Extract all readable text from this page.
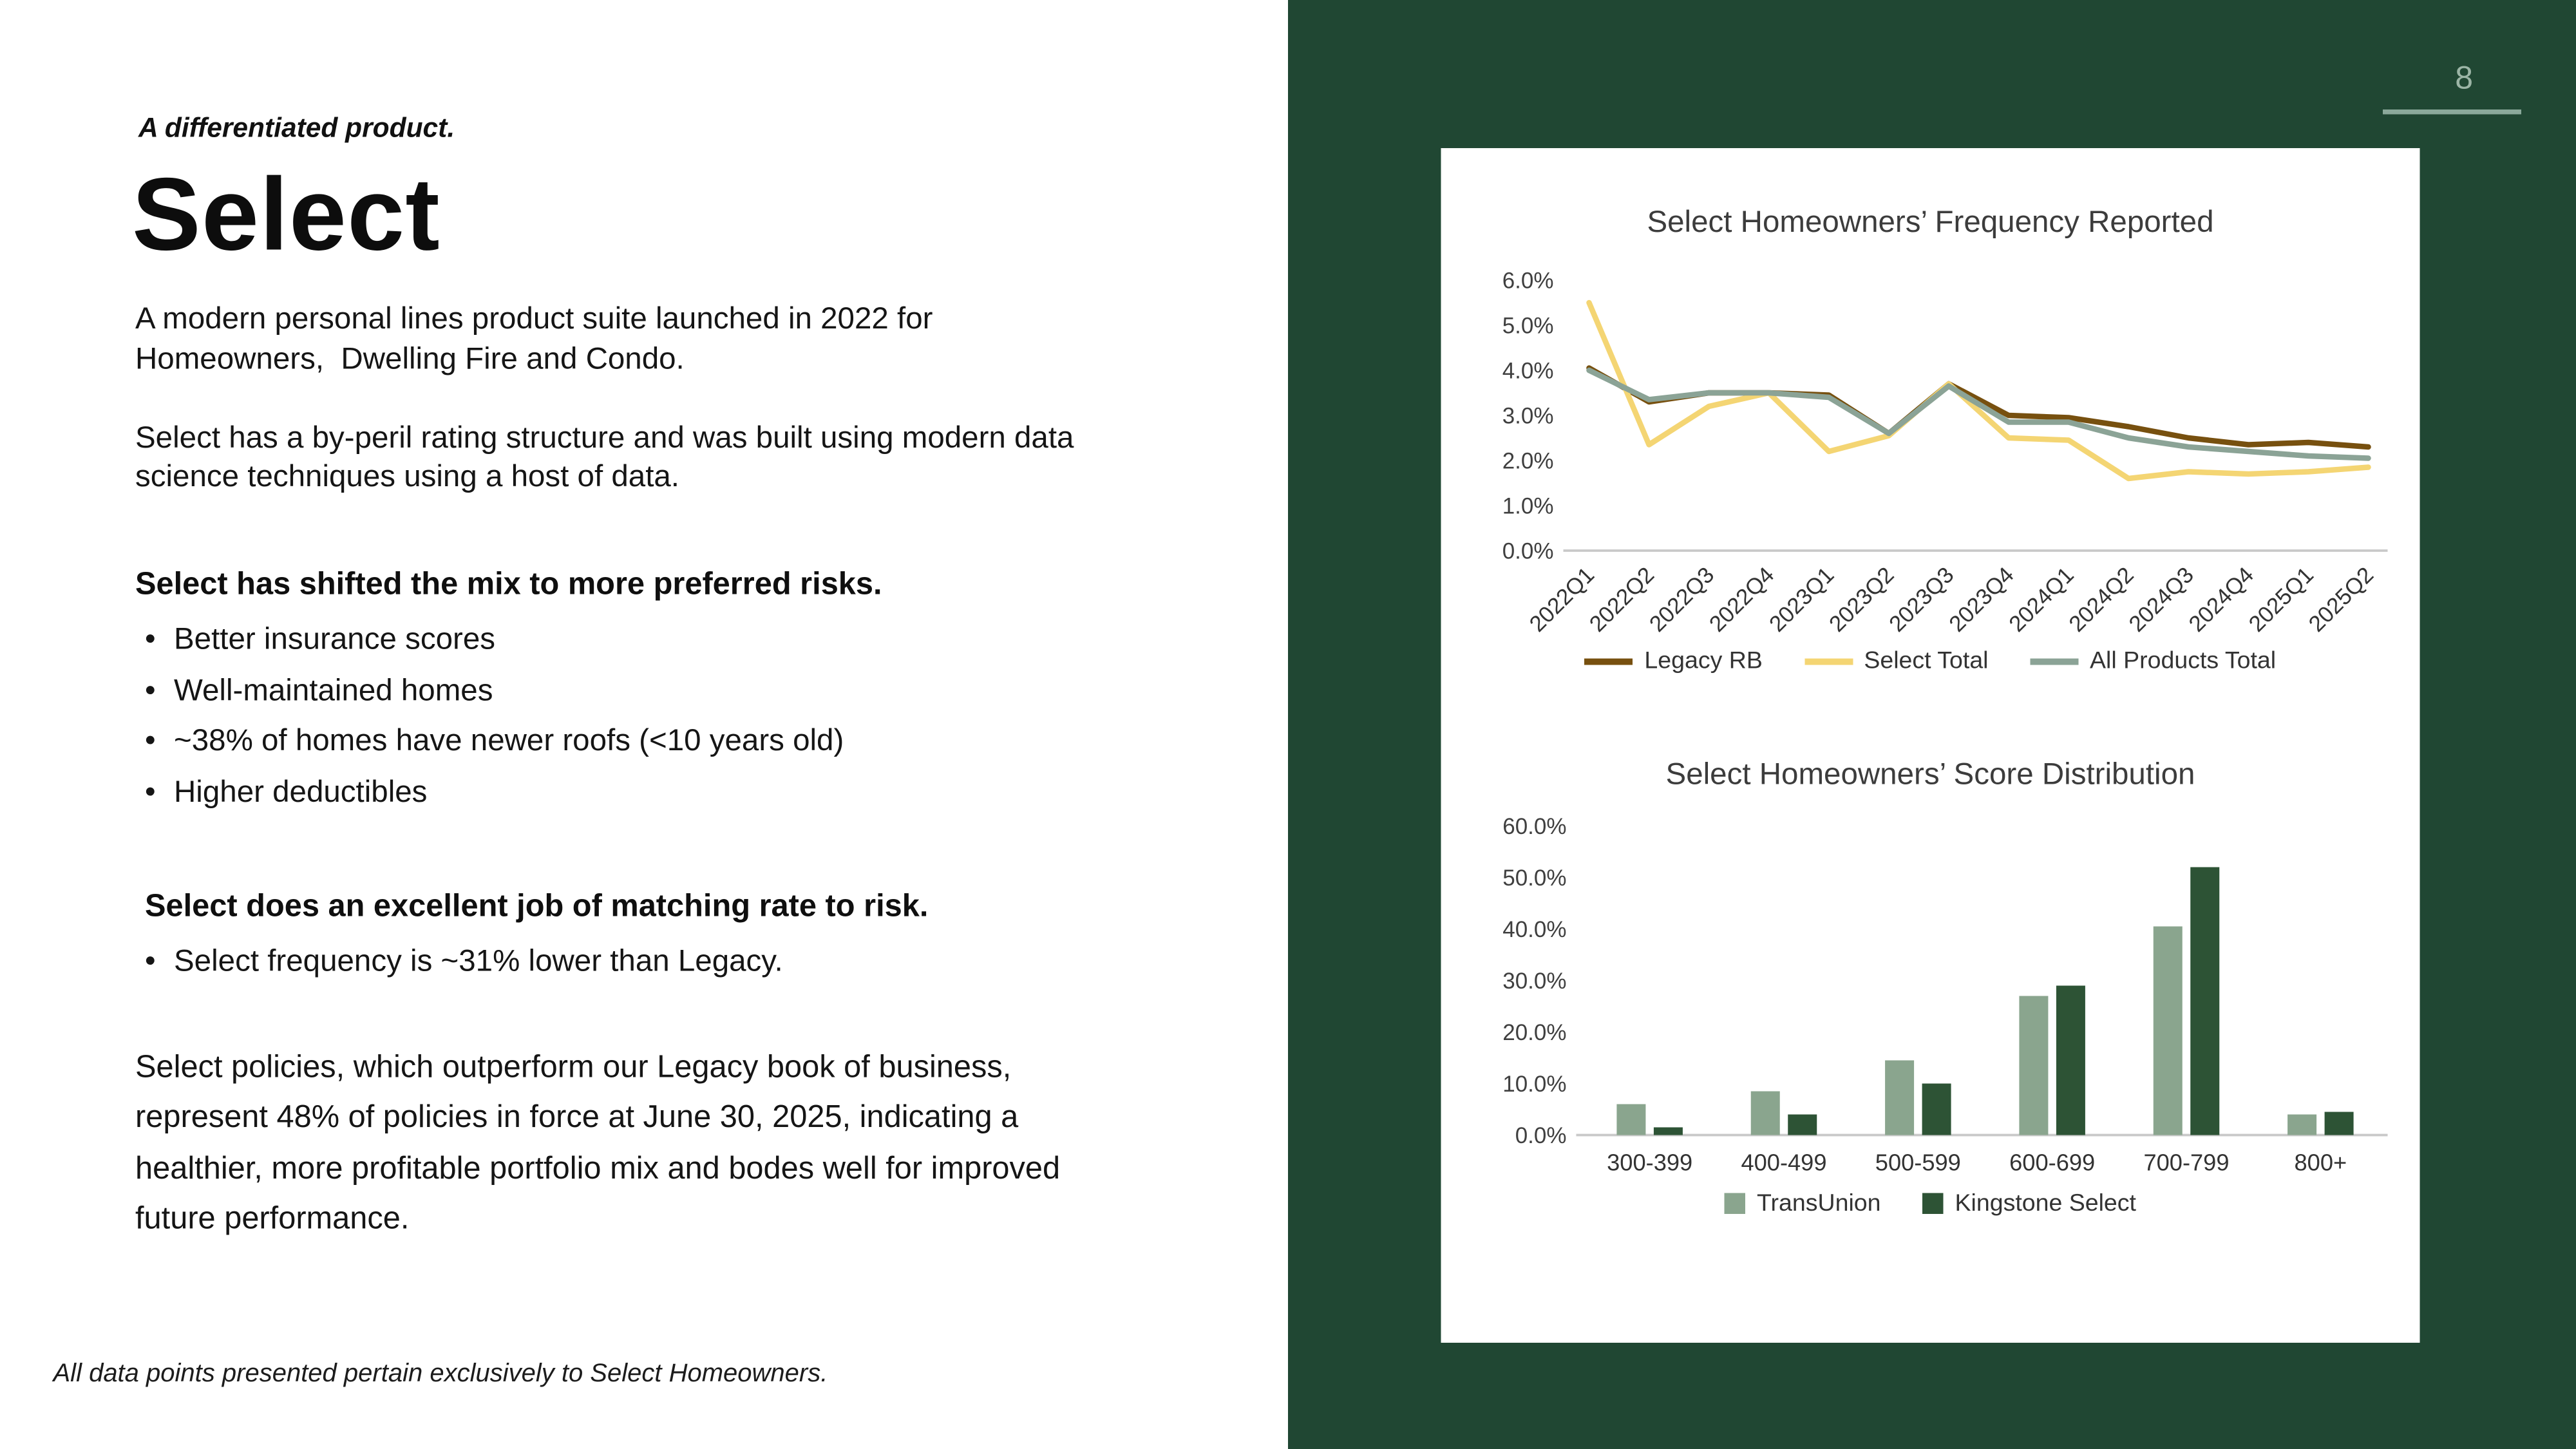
A differentiated product.
Select

A modern personal lines product suite launched in 2022 for Homeowners,  Dwelling Fire and Condo.

Select has a by-peril rating structure and was built using modern data science techniques using a host of data.

Select has shifted the mix to more preferred risks.
•	Better insurance scores
•	Well-maintained homes
•	~38% of homes have newer roofs (<10 years old)
•	Higher deductibles
Select does an excellent job of matching rate to risk.
•	Select frequency is ~31% lower than Legacy.

Select policies, which outperform our Legacy book of business, represent 48% of policies in force at June 30, 2025, indicating a healthier, more profitable portfolio mix and bodes well for improved future performance.

All data points presented pertain exclusively to Select Homeowners.
8
Select Homeowners’ Frequency Reported
6.0%
5.0%
4.0%
3.0%
2.0%
1.0%
0.0%
2022Q1
2022Q2
2022Q3
2022Q4
2023Q1
2023Q2
2023Q3
2023Q4
2024Q1
2024Q2
2024Q3
2024Q4
2025Q1
2025Q2
Legacy RB	Select Total	All Products Total
Select Homeowners’ Score Distribution
60.0%
50.0%
40.0%
30.0%
20.0%
10.0%
0.0%
300-399	400-499	500-599	600-699	700-799	800+
TransUnion	Kingstone Select
